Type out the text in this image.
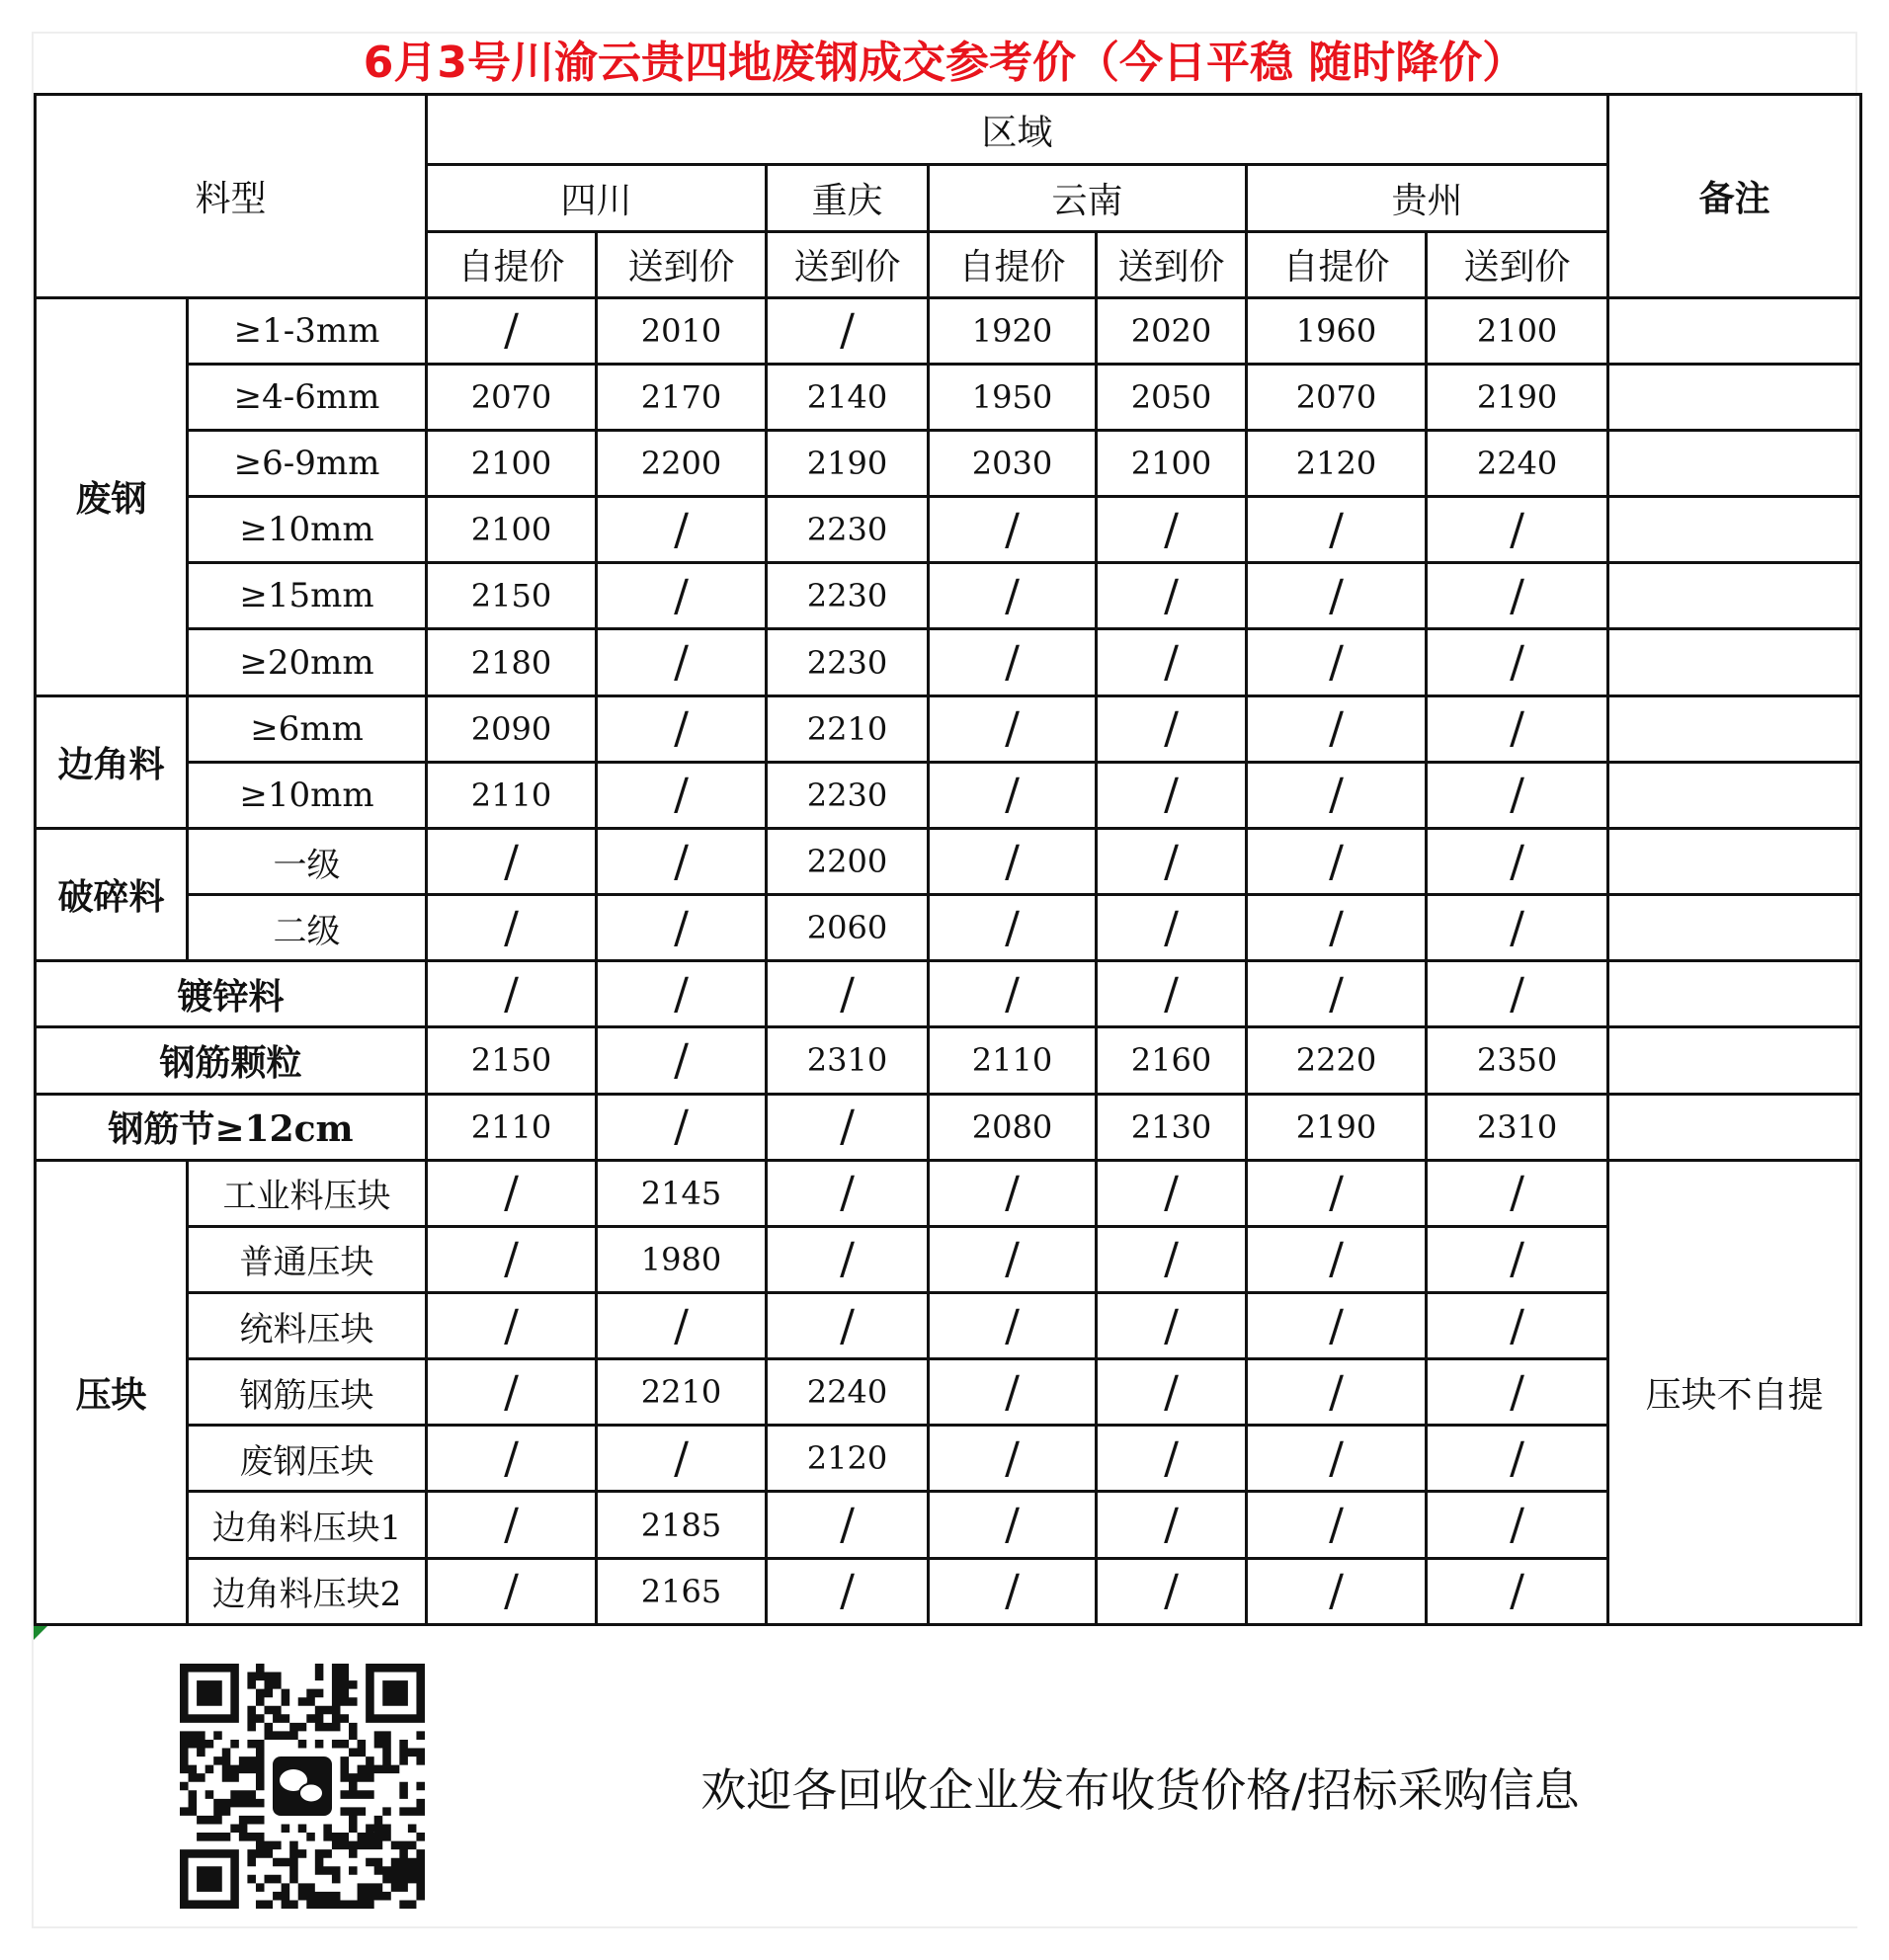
6月3号川渝云贵四地废钢成交参考价（今日平稳 随时降价）
料型		区域							备注
		四川		重庆	云南		贵州		
		自提价	送到价	送到价	自提价	送到价	自提价	送到价	
废钢	≥1-3mm	/	2010	/	1920	2020	1960	2100	
	≥4-6mm	2070	2170	2140	1950	2050	2070	2190	
	≥6-9mm	2100	2200	2190	2030	2100	2120	2240	
	≥10mm	2100	/	2230	/	/	/	/	
	≥15mm	2150	/	2230	/	/	/	/	
	≥20mm	2180	/	2230	/	/	/	/	
边角料	≥6mm	2090	/	2210	/	/	/	/	
	≥10mm	2110	/	2230	/	/	/	/	
破碎料	一级	/	/	2200	/	/	/	/	
	二级	/	/	2060	/	/	/	/	
镀锌料		/	/	/	/	/	/	/	
钢筋颗粒		2150	/	2310	2110	2160	2220	2350	
钢筋节≥12cm		2110	/	/	2080	2130	2190	2310	
压块	工业料压块	/	2145	/	/	/	/	/	压块不自提
	普通压块	/	1980	/	/	/	/	/	
	统料压块	/	/	/	/	/	/	/	
	钢筋压块	/	2210	2240	/	/	/	/	
	废钢压块	/	/	2120	/	/	/	/	
	边角料压块1	/	2185	/	/	/	/	/	
	边角料压块2	/	2165	/	/	/	/	/	
欢迎各回收企业发布收货价格/招标采购信息
